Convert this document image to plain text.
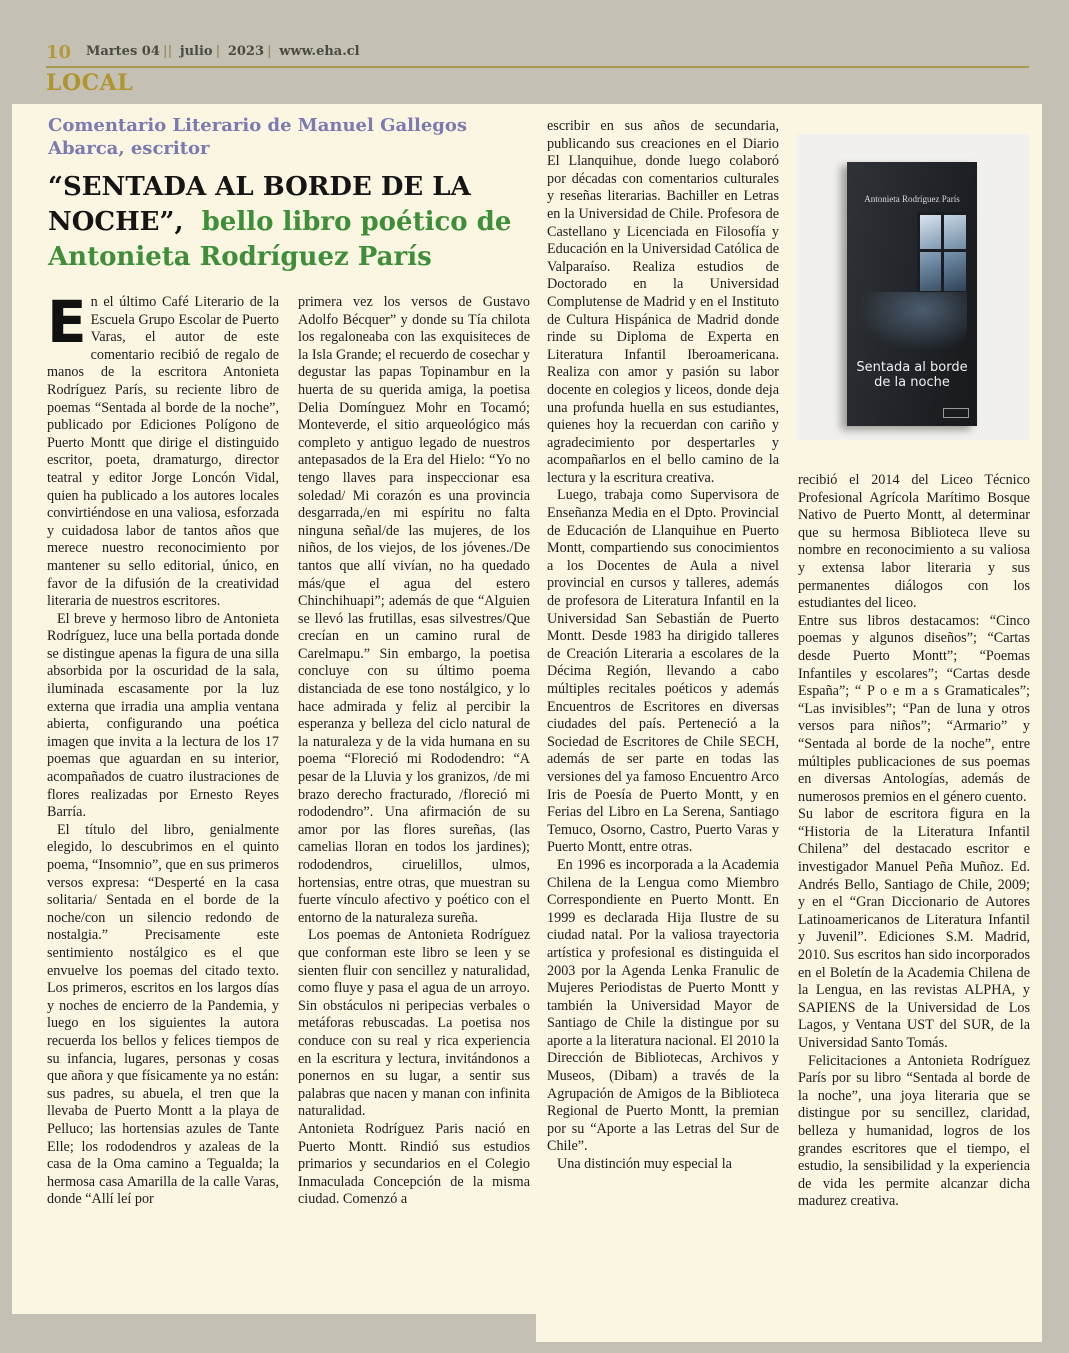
10 Martes 04 || julio | 2023 | www.eha.cl
LOCAL
Comentario Literario de Manuel Gallegos Abarca, escritor
“SENTADA AL BORDE DE LA NOCHE”, bello libro poético de Antonieta Rodríguez París

En el último Café Literario de la Escuela Grupo Escolar de Puerto Varas, el autor de este comentario recibió de regalo de manos de la escritora Antonieta Rodríguez París, su reciente libro de poemas “Sentada al borde de la noche”, publicado por Ediciones Polígono de Puerto Montt que dirige el distinguido escritor, poeta, dramaturgo, director teatral y editor Jorge Loncón Vidal, quien ha publicado a los autores locales convirtiéndose en una valiosa, esforzada y cuidadosa labor de tantos años que merece nuestro reconocimiento por mantener su sello editorial, único, en favor de la difusión de la creatividad literaria de nuestros escritores.

El breve y hermoso libro de Antonieta Rodríguez, luce una bella portada donde se distingue apenas la figura de una silla absorbida por la oscuridad de la sala, iluminada escasamente por la luz externa que irradia una amplia ventana abierta, configurando una poética imagen que invita a la lectura de los 17 poemas que aguardan en su interior, acompañados de cuatro ilustraciones de flores realizadas por Ernesto Reyes Barría.

El título del libro, genialmente elegido, lo descubrimos en el quinto poema, “Insomnio”, que en sus primeros versos expresa: “Desperté en la casa solitaria/ Sentada en el borde de la noche/con un silencio redondo de nostalgia.” Precisamente este sentimiento nostálgico es el que envuelve los poemas del citado texto. Los primeros, escritos en los largos días y noches de encierro de la Pandemia, y luego en los siguientes la autora recuerda los bellos y felices tiempos de su infancia, lugares, personas y cosas que añora y que físicamente ya no están: sus padres, su abuela, el tren que la llevaba de Puerto Montt a la playa de Pelluco; las hortensias azules de Tante Elle; los rododendros y azaleas de la casa de la Oma camino a Tegualda; la hermosa casa Amarilla de la calle Varas, donde “Allí leí por

primera vez los versos de Gustavo Adolfo Bécquer” y donde su Tía chilota los regaloneaba con las exquisiteces de la Isla Grande; el recuerdo de cosechar y degustar las papas Topinambur en la huerta de su querida amiga, la poetisa Delia Domínguez Mohr en Tocamó; Monteverde, el sitio arqueológico más completo y antiguo legado de nuestros antepasados de la Era del Hielo: “Yo no tengo llaves para inspeccionar esa soledad/ Mi corazón es una provincia desgarrada,/en mi espíritu no falta ninguna señal/de las mujeres, de los niños, de los viejos, de los jóvenes./De tantos que allí vivían, no ha quedado más/que el agua del estero Chinchihuapi”; además de que “Alguien se llevó las frutillas, esas silvestres/Que crecían en un camino rural de Carelmapu.” Sin embargo, la poetisa concluye con su último poema distanciada de ese tono nostálgico, y lo hace admirada y feliz al percibir la esperanza y belleza del ciclo natural de la naturaleza y de la vida humana en su poema “Floreció mi Rododendro: “A pesar de la Lluvia y los granizos, /de mi brazo derecho fracturado, /floreció mi rododendro”. Una afirmación de su amor por las flores sureñas, (las camelias lloran en todos los jardines); rododendros, ciruelillos, ulmos, hortensias, entre otras, que muestran su fuerte vínculo afectivo y poético con el entorno de la naturaleza sureña.

Los poemas de Antonieta Rodríguez que conforman este libro se leen y se sienten fluir con sencillez y naturalidad, como fluye y pasa el agua de un arroyo. Sin obstáculos ni peripecias verbales o metáforas rebuscadas. La poetisa nos conduce con su real y rica experiencia en la escritura y lectura, invitándonos a ponernos en su lugar, a sentir sus palabras que nacen y manan con infinita naturalidad.

Antonieta Rodríguez Paris nació en Puerto Montt. Rindió sus estudios primarios y secundarios en el Colegio Inmaculada Concepción de la misma ciudad. Comenzó a

escribir en sus años de secundaria, publicando sus creaciones en el Diario El Llanquihue, donde luego colaboró por décadas con comentarios culturales y reseñas literarias. Bachiller en Letras en la Universidad de Chile. Profesora de Castellano y Licenciada en Filosofía y Educación en la Universidad Católica de Valparaíso. Realiza estudios de Doctorado en la Universidad Complutense de Madrid y en el Instituto de Cultura Hispánica de Madrid donde rinde su Diploma de Experta en Literatura Infantil Iberoamericana. Realiza con amor y pasión su labor docente en colegios y liceos, donde deja una profunda huella en sus estudiantes, quienes hoy la recuerdan con cariño y agradecimiento por despertarles y acompañarlos en el bello camino de la lectura y la escritura creativa.

Luego, trabaja como Supervisora de Enseñanza Media en el Dpto. Provincial de Educación de Llanquihue en Puerto Montt, compartiendo sus conocimientos a los Docentes de Aula a nivel provincial en cursos y talleres, además de profesora de Literatura Infantil en la Universidad San Sebastián de Puerto Montt. Desde 1983 ha dirigido talleres de Creación Literaria a escolares de la Décima Región, llevando a cabo múltiples recitales poéticos y además Encuentros de Escritores en diversas ciudades del país. Perteneció a la Sociedad de Escritores de Chile SECH, además de ser parte en todas las versiones del ya famoso Encuentro Arco Iris de Poesía de Puerto Montt, y en Ferias del Libro en La Serena, Santiago Temuco, Osorno, Castro, Puerto Varas y Puerto Montt, entre otras.

En 1996 es incorporada a la Academia Chilena de la Lengua como Miembro Correspondiente en Puerto Montt. En 1999 es declarada Hija Ilustre de su ciudad natal. Por la valiosa trayectoria artística y profesional es distinguida el 2003 por la Agenda Lenka Franulic de Mujeres Periodistas de Puerto Montt y también la Universidad Mayor de Santiago de Chile la distingue por su aporte a la literatura nacional. El 2010 la Dirección de Bibliotecas, Archivos y Museos, (Dibam) a través de la Agrupación de Amigos de la Biblioteca Regional de Puerto Montt, la premian por su “Aporte a las Letras del Sur de Chile”.

Una distinción muy especial la

Antonieta Rodríguez París
Sentada al borde de la noche

recibió el 2014 del Liceo Técnico Profesional Agrícola Marítimo Bosque Nativo de Puerto Montt, al determinar que su hermosa Biblioteca lleve su nombre en reconocimiento a su valiosa y extensa labor literaria y sus permanentes diálogos con los estudiantes del liceo.

Entre sus libros destacamos: “Cinco poemas y algunos diseños”; “Cartas desde Puerto Montt”; “Poemas Infantiles y escolares”; “Cartas desde España”; “ P o e m a s Gramaticales”; “Las invisibles”; “Pan de luna y otros versos para niños”; “Armario” y “Sentada al borde de la noche”, entre múltiples publicaciones de sus poemas en diversas Antologías, además de numerosos premios en el género cuento.

Su labor de escritora figura en la “Historia de la Literatura Infantil Chilena” del destacado escritor e investigador Manuel Peña Muñoz. Ed. Andrés Bello, Santiago de Chile, 2009; y en el “Gran Diccionario de Autores Latinoamericanos de Literatura Infantil y Juvenil”. Ediciones S.M. Madrid, 2010. Sus escritos han sido incorporados en el Boletín de la Academia Chilena de la Lengua, en las revistas ALPHA, y SAPIENS de la Universidad de Los Lagos, y Ventana UST del SUR, de la Universidad Santo Tomás.

Felicitaciones a Antonieta Rodríguez París por su libro “Sentada al borde de la noche”, una joya literaria que se distingue por su sencillez, claridad, belleza y humanidad, logros de los grandes escritores que el tiempo, el estudio, la sensibilidad y la experiencia de vida les permite alcanzar dicha madurez creativa.
